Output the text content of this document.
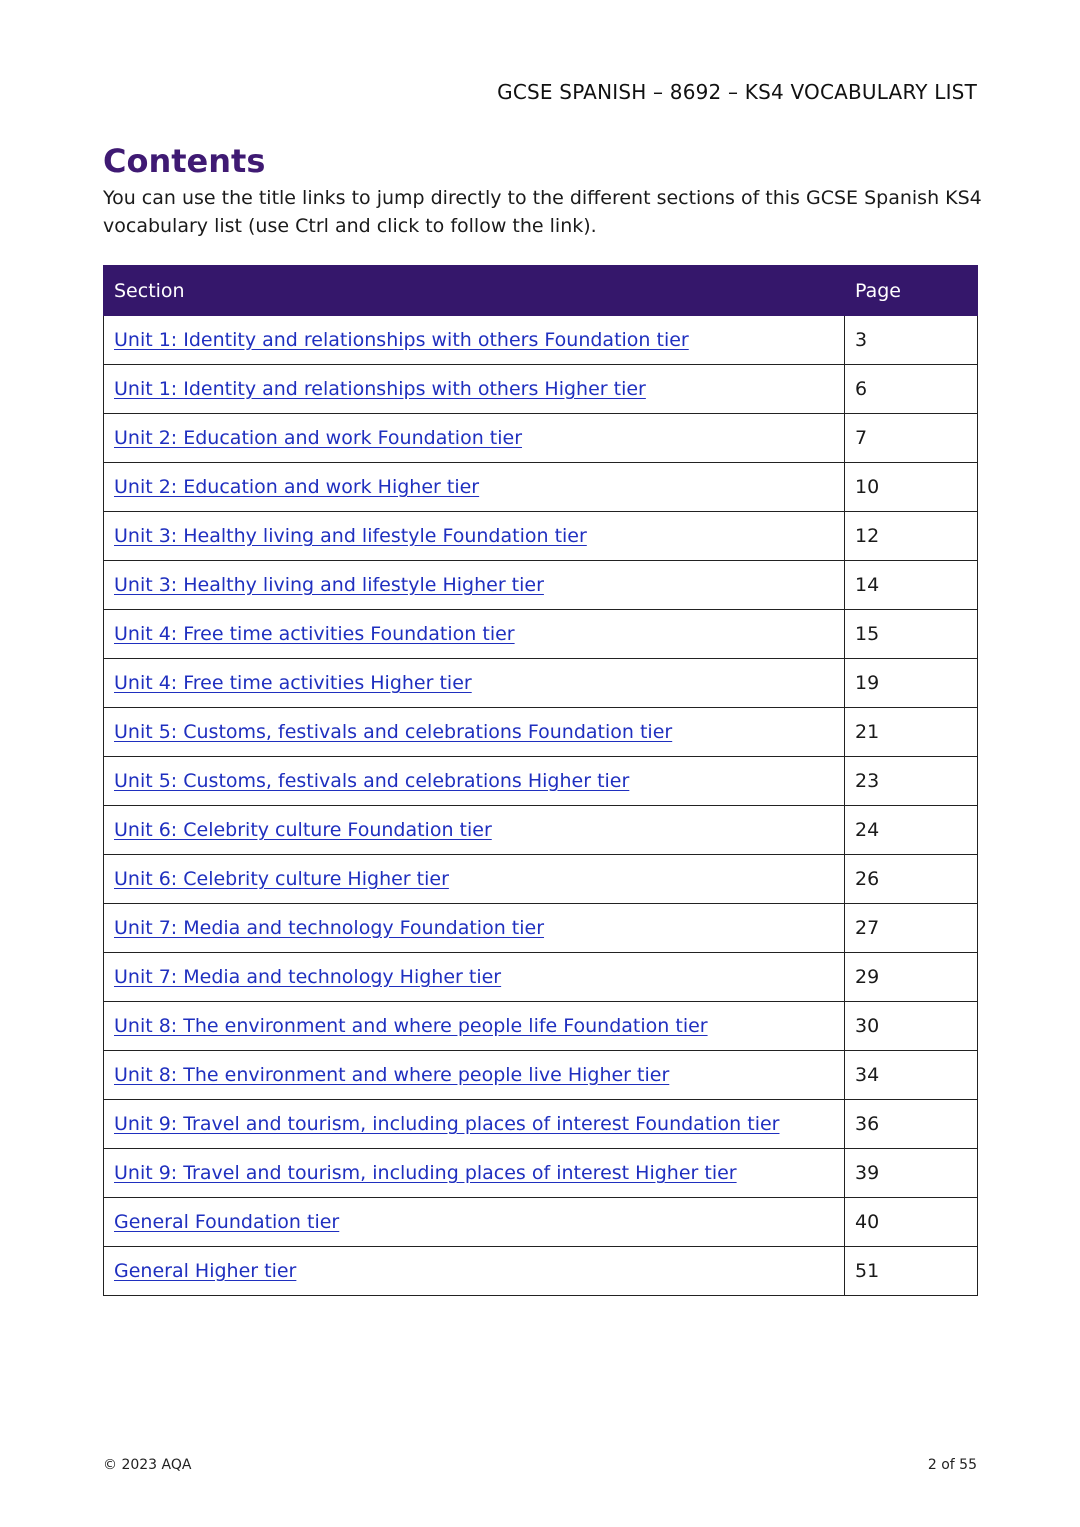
GCSE SPANISH – 8692 – KS4 VOCABULARY LIST
Contents

You can use the title links to jump directly to the different sections of this GCSE Spanish KS4 vocabulary list (use Ctrl and click to follow the link).

Section	Page
Unit 1: Identity and relationships with others Foundation tier	3
Unit 1: Identity and relationships with others Higher tier	6
Unit 2: Education and work Foundation tier	7
Unit 2: Education and work Higher tier	10
Unit 3: Healthy living and lifestyle Foundation tier	12
Unit 3: Healthy living and lifestyle Higher tier	14
Unit 4: Free time activities Foundation tier	15
Unit 4: Free time activities Higher tier	19
Unit 5: Customs, festivals and celebrations Foundation tier	21
Unit 5: Customs, festivals and celebrations Higher tier	23
Unit 6: Celebrity culture Foundation tier	24
Unit 6: Celebrity culture Higher tier	26
Unit 7: Media and technology Foundation tier	27
Unit 7: Media and technology Higher tier	29
Unit 8: The environment and where people life Foundation tier	30
Unit 8: The environment and where people live Higher tier	34
Unit 9: Travel and tourism, including places of interest Foundation tier	36
Unit 9: Travel and tourism, including places of interest Higher tier	39
General Foundation tier	40
General Higher tier	51
© 2023 AQA	2 of 55
